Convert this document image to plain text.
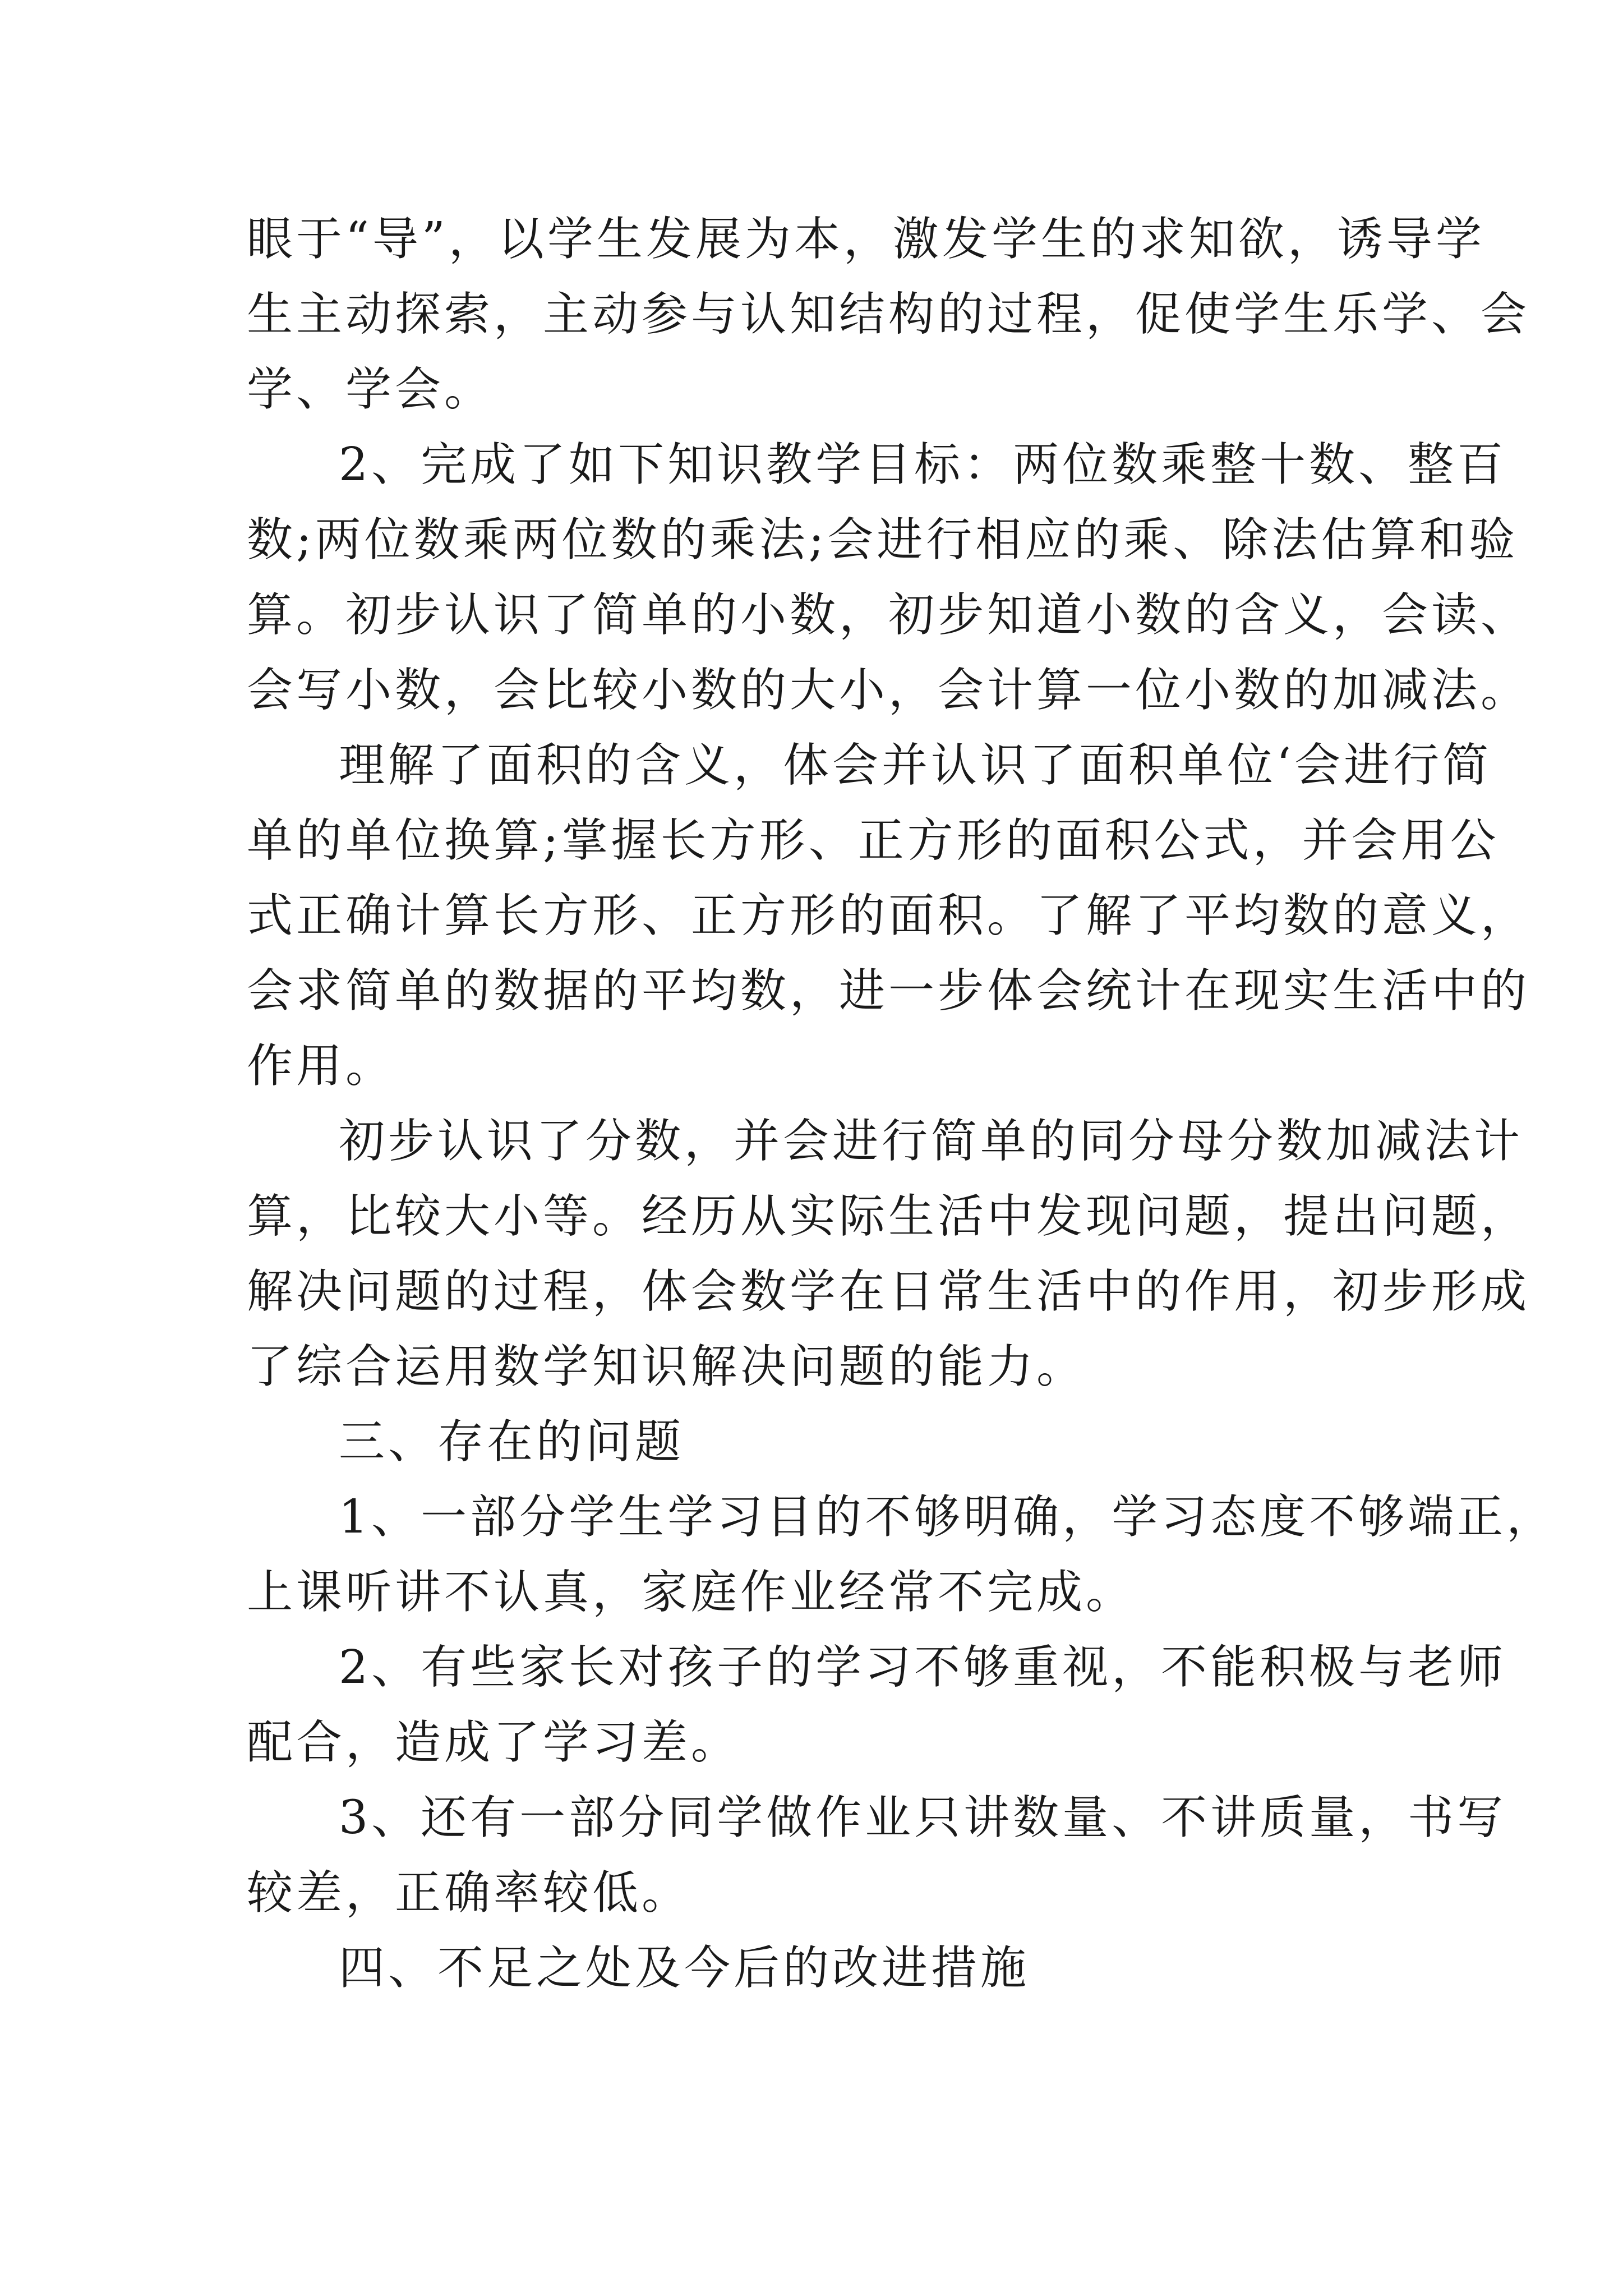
眼于“导”，以学生发展为本，激发学生的求知欲，诱导学
生主动探索，主动参与认知结构的过程，促使学生乐学、会
学、学会。
2、完成了如下知识教学目标：两位数乘整十数、整百
数;两位数乘两位数的乘法;会进行相应的乘、除法估算和验
算。初步认识了简单的小数，初步知道小数的含义，会读、
会写小数，会比较小数的大小，会计算一位小数的加减法。
理解了面积的含义，体会并认识了面积单位‘会进行简
单的单位换算;掌握长方形、正方形的面积公式，并会用公
式正确计算长方形、正方形的面积。了解了平均数的意义，
会求简单的数据的平均数，进一步体会统计在现实生活中的
作用。
初步认识了分数，并会进行简单的同分母分数加减法计
算，比较大小等。经历从实际生活中发现问题，提出问题，
解决问题的过程，体会数学在日常生活中的作用，初步形成
了综合运用数学知识解决问题的能力。
三、存在的问题
1、一部分学生学习目的不够明确，学习态度不够端正，
上课听讲不认真，家庭作业经常不完成。
2、有些家长对孩子的学习不够重视，不能积极与老师
配合，造成了学习差。
3、还有一部分同学做作业只讲数量、不讲质量，书写
较差，正确率较低。
四、不足之处及今后的改进措施
